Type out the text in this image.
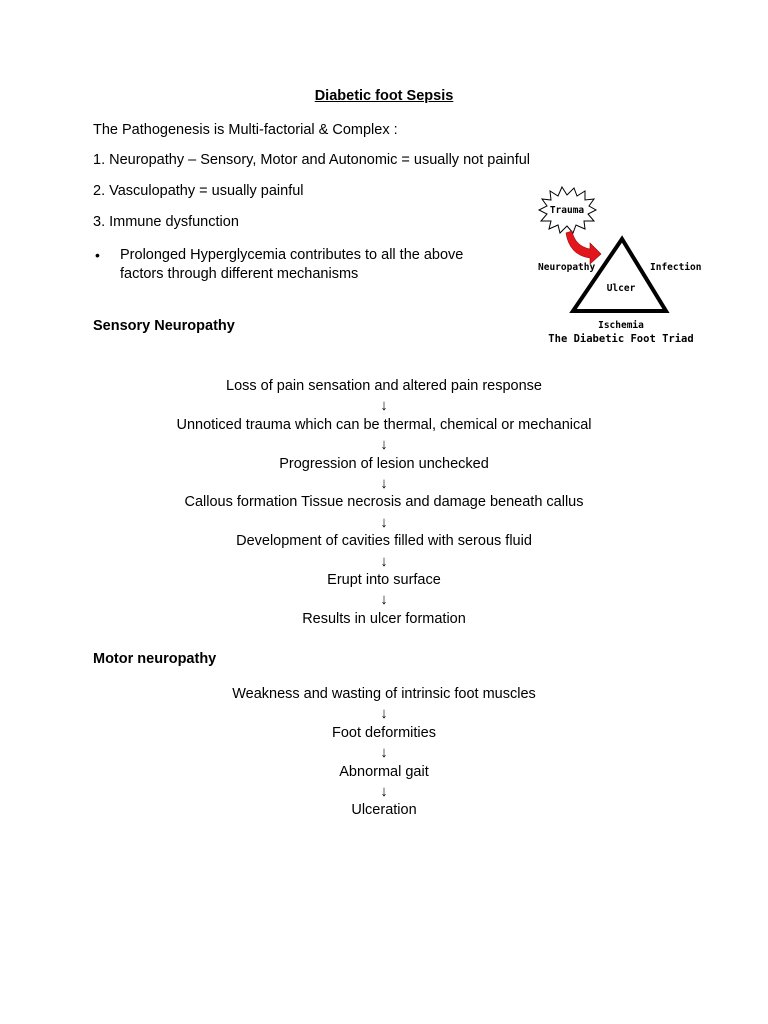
Diabetic foot Sepsis
The Pathogenesis is Multi-factorial & Complex :
1. Neuropathy – Sensory, Motor and Autonomic = usually not painful
2. Vasculopathy = usually painful
3. Immune dysfunction
• Prolonged Hyperglycemia contributes to all the above
factors through different mechanisms
Trauma
Neuropathy	Infection
Ulcer
Ischemia
The Diabetic Foot Triad
Sensory Neuropathy
Loss of pain sensation and altered pain response
↓
Unnoticed trauma which can be thermal, chemical or mechanical
↓
Progression of lesion unchecked
↓
Callous formation Tissue necrosis and damage beneath callus
↓
Development of cavities filled with serous fluid
↓
Erupt into surface
↓
Results in ulcer formation
Motor neuropathy
Weakness and wasting of intrinsic foot muscles
↓
Foot deformities
↓
Abnormal gait
↓
Ulceration
